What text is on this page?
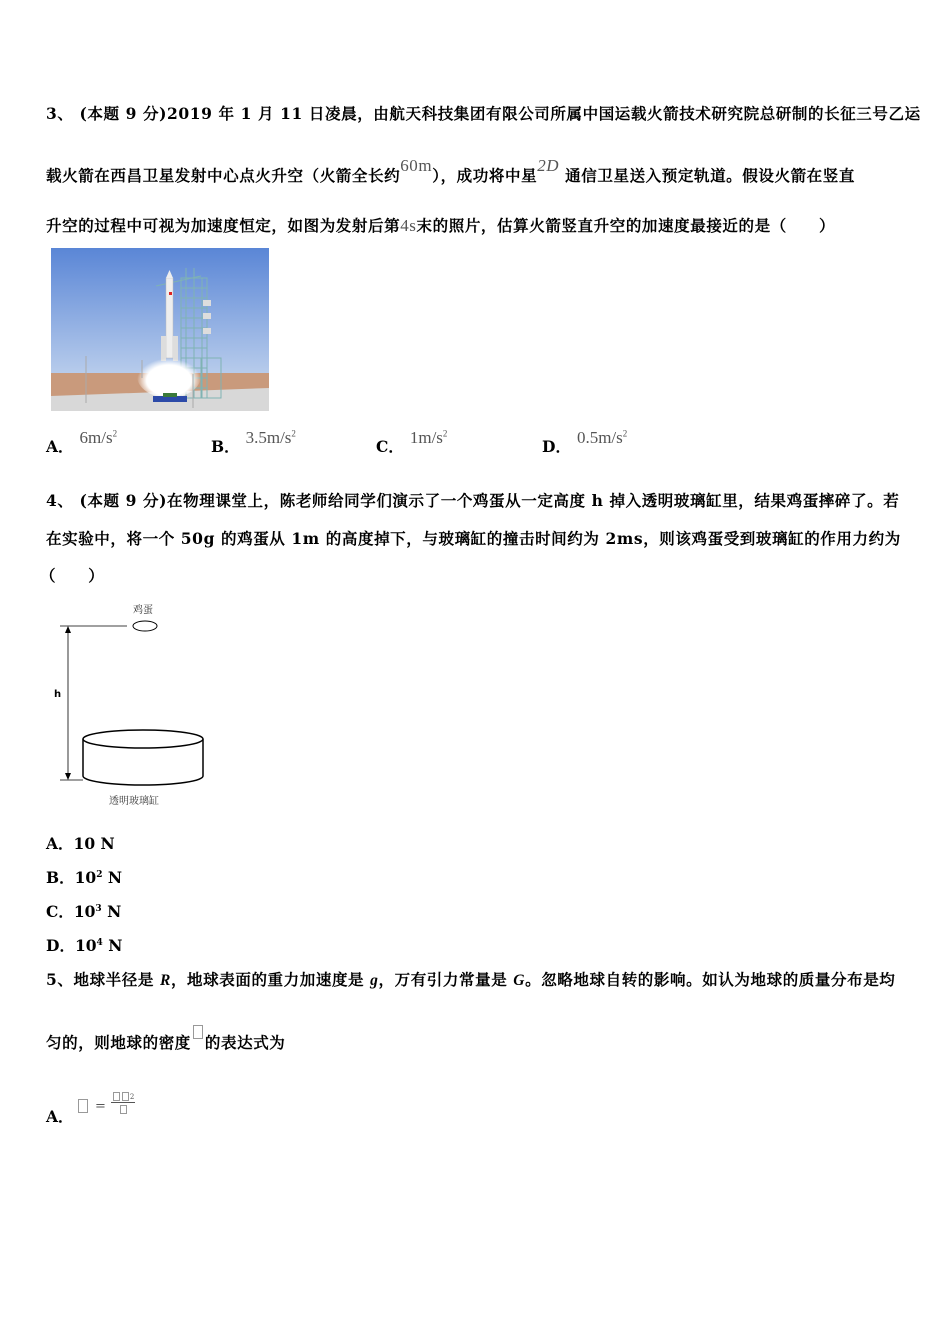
3、 (本题 9 分)2019 年 1 月 11 日凌晨，由航天科技集团有限公司所属中国运载火箭技术研究院总研制的长征三号乙运
载火箭在西昌卫星发射中心点火升空（火箭全长约60m），成功将中星2D 通信卫星送入预定轨道。假设火箭在竖直
升空的过程中可视为加速度恒定，如图为发射后第4s末的照片，估算火箭竖直升空的加速度最接近的是（　　）
A． $6m/s^2$
B． $3.5m/s^2$
C． $1m/s^2$
D． $0.5m/s^2$
4、 (本题 9 分)在物理课堂上，陈老师给同学们演示了一个鸡蛋从一定高度 h 掉入透明玻璃缸里，结果鸡蛋摔碎了。若
在实验中，将一个 50g 的鸡蛋从 1m 的高度掉下，与玻璃缸的撞击时间约为 2ms，则该鸡蛋受到玻璃缸的作用力约为
（　　）
鸡蛋
h
透明玻璃缸
A．10 N
B．$10^2$ N
C．$10^3$ N
D．$10^4$ N
5、地球半径是 R，地球表面的重力加速度是 g，万有引力常量是 G。忽略地球自转的影响。如认为地球的质量分布是均
匀的，则地球的密度 的表达式为
A．
=
$^2$
